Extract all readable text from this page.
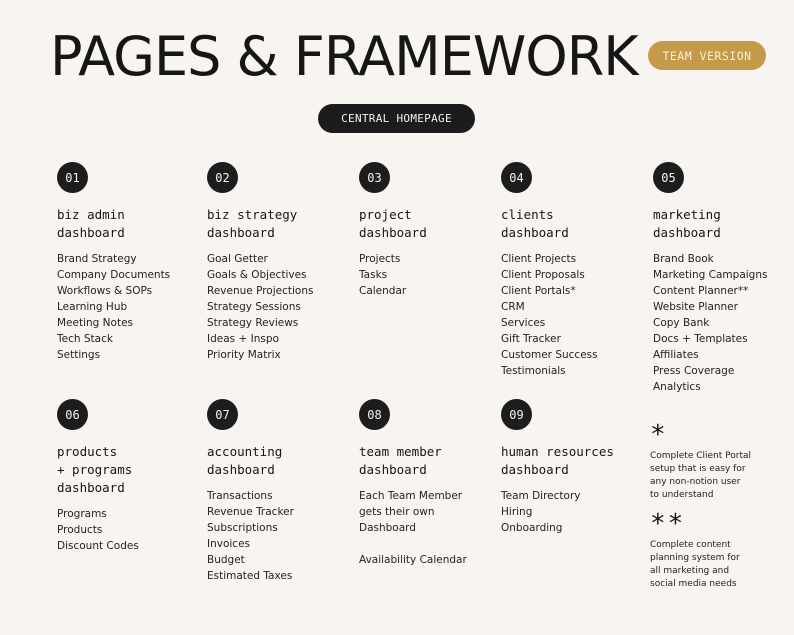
PAGES & FRAMEWORK	TEAM VERSION
CENTRAL HOMEPAGE
01
biz admin
dashboard
Brand Strategy
Company Documents
Workflows & SOPs
Learning Hub
Meeting Notes
Tech Stack
Settings
02
biz strategy
dashboard
Goal Getter
Goals & Objectives
Revenue Projections
Strategy Sessions
Strategy Reviews
Ideas + Inspo
Priority Matrix
03
project
dashboard
Projects
Tasks
Calendar
04
clients
dashboard
Client Projects
Client Proposals
Client Portals*
CRM
Services
Gift Tracker
Customer Success
Testimonials
05
marketing
dashboard
Brand Book
Marketing Campaigns
Content Planner**
Website Planner
Copy Bank
Docs + Templates
Affiliates
Press Coverage
Analytics
06
products
+ programs
dashboard
Programs
Products
Discount Codes
07
accounting
dashboard
Transactions
Revenue Tracker
Subscriptions
Invoices
Budget
Estimated Taxes
08
team member
dashboard
Each Team Member
gets their own
Dashboard
Availability Calendar
09
human resources
dashboard
Team Directory
Hiring
Onboarding
*
Complete Client Portal
setup that is easy for
any non-notion user
to understand
**
Complete content
planning system for
all marketing and
social media needs
